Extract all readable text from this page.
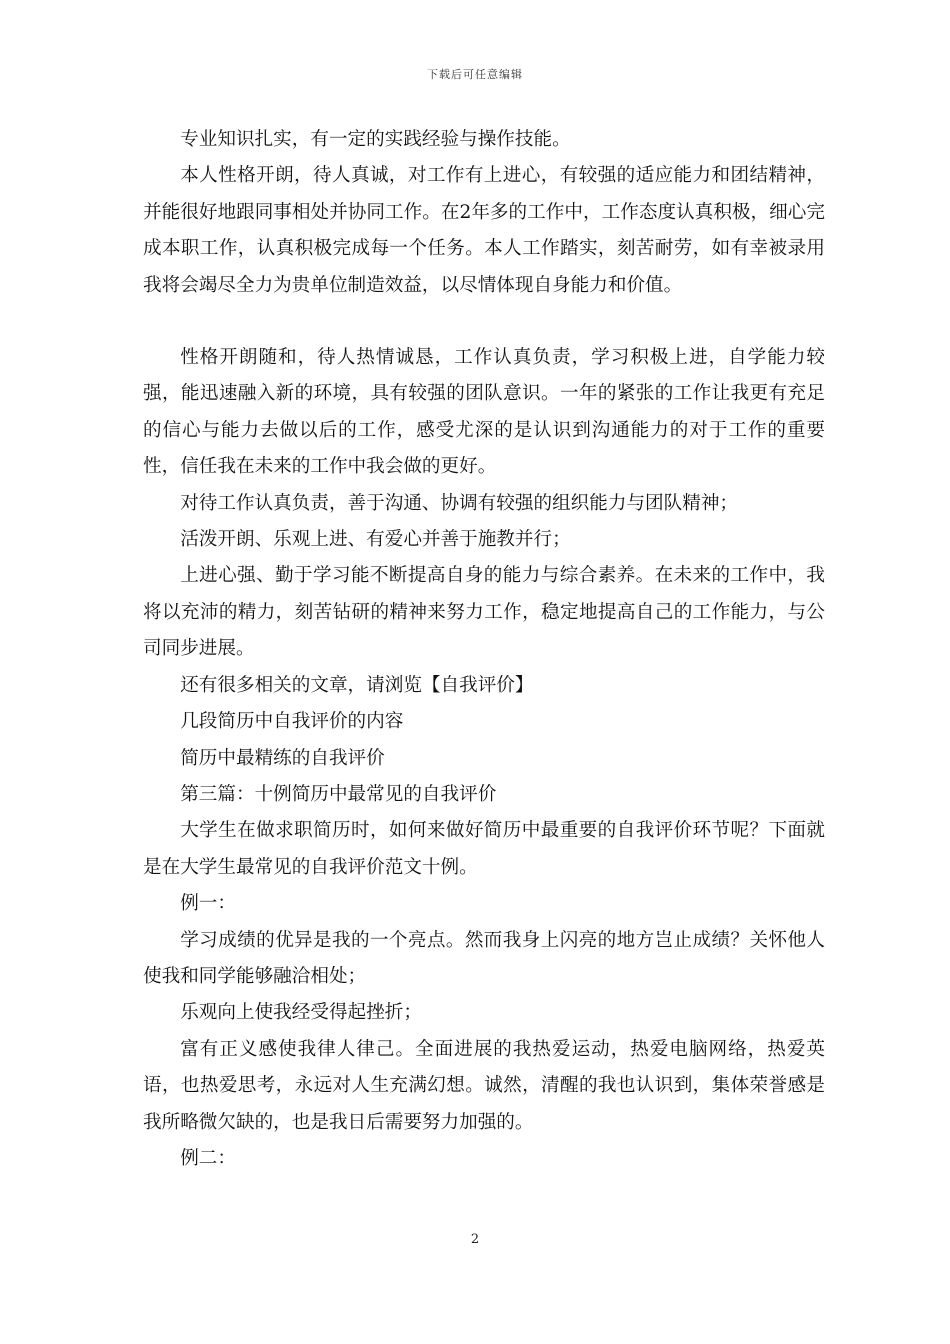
下载后可任意编辑

专业知识扎实，有一定的实践经验与操作技能。

本人性格开朗，待人真诚，对工作有上进心，有较强的适应能力和团结精神，并能很好地跟同事相处并协同工作。在2年多的工作中，工作态度认真积极，细心完成本职工作，认真积极完成每一个任务。本人工作踏实，刻苦耐劳，如有幸被录用我将会竭尽全力为贵单位制造效益，以尽情体现自身能力和价值。

性格开朗随和，待人热情诚恳，工作认真负责，学习积极上进，自学能力较强，能迅速融入新的环境，具有较强的团队意识。一年的紧张的工作让我更有充足的信心与能力去做以后的工作，感受尤深的是认识到沟通能力的对于工作的重要性，信任我在未来的工作中我会做的更好。

对待工作认真负责，善于沟通、协调有较强的组织能力与团队精神；

活泼开朗、乐观上进、有爱心并善于施教并行；

上进心强、勤于学习能不断提高自身的能力与综合素养。在未来的工作中，我将以充沛的精力，刻苦钻研的精神来努力工作，稳定地提高自己的工作能力，与公司同步进展。

还有很多相关的文章，请浏览【自我评价】

几段简历中自我评价的内容

简历中最精练的自我评价

第三篇：十例简历中最常见的自我评价

大学生在做求职简历时，如何来做好简历中最重要的自我评价环节呢？下面就是在大学生最常见的自我评价范文十例。

例一：

学习成绩的优异是我的一个亮点。然而我身上闪亮的地方岂止成绩？关怀他人使我和同学能够融洽相处；

乐观向上使我经受得起挫折；

富有正义感使我律人律己。全面进展的我热爱运动，热爱电脑网络，热爱英语，也热爱思考，永远对人生充满幻想。诚然，清醒的我也认识到，集体荣誉感是我所略微欠缺的，也是我日后需要努力加强的。

例二：

2
